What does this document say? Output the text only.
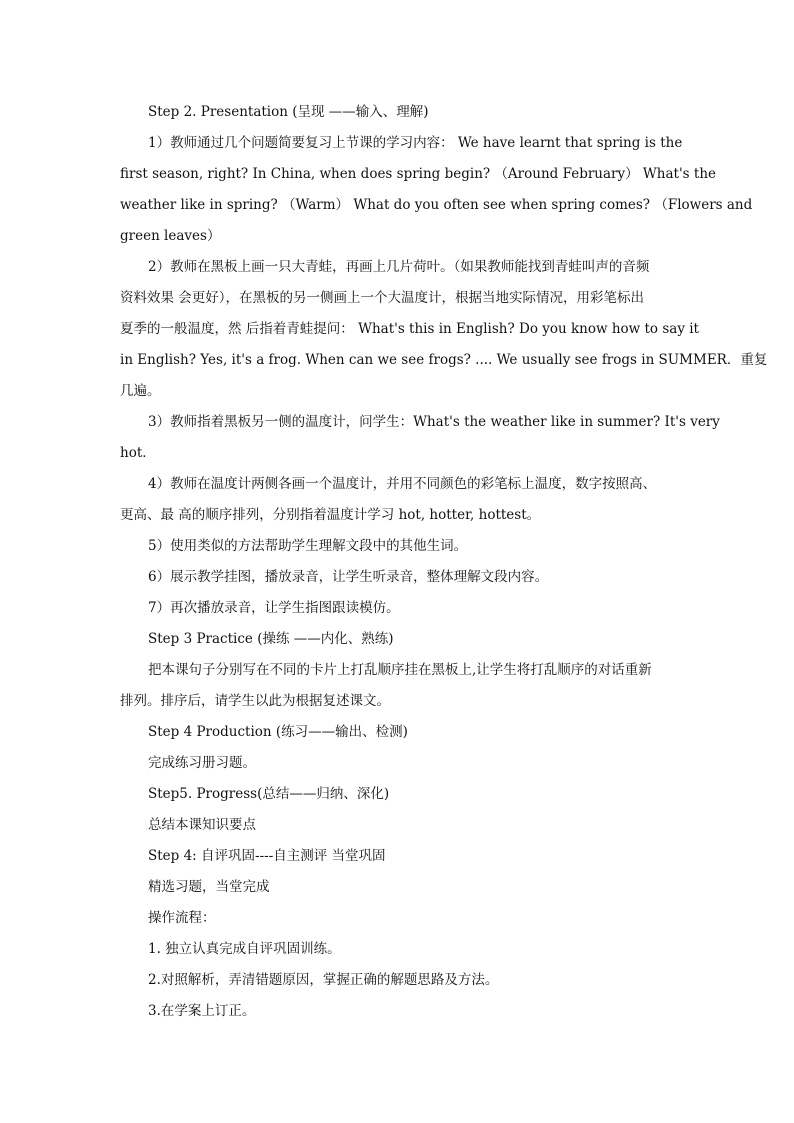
Step 2. Presentation (呈现 ——输入、理解)
1）教师通过几个问题简要复习上节课的学习内容： We have learnt that spring is the
first season, right? In China, when does spring begin? （Around February） What's the
weather like in spring? （Warm） What do you often see when spring comes? （Flowers and
green leaves）
2）教师在黑板上画一只大青蛙，再画上几片荷叶。（如果教师能找到青蛙叫声的音频
资料效果 会更好），在黑板的另一侧画上一个大温度计，根据当地实际情况，用彩笔标出
夏季的一般温度，然 后指着青蛙提问： What's this in English? Do you know how to say it
in English? Yes, it's a frog. When can we see frogs? .... We usually see frogs in SUMMER．重复
几遍。
3）教师指着黑板另一侧的温度计，问学生：What's the weather like in summer? It's very
hot．
4）教师在温度计两侧各画一个温度计，并用不同颜色的彩笔标上温度，数字按照高、
更高、最 高的顺序排列，分别指着温度计学习 hot, hotter, hottest。
5）使用类似的方法帮助学生理解文段中的其他生词。
6）展示教学挂图，播放录音，让学生听录音，整体理解文段内容。
7）再次播放录音，让学生指图跟读模仿。
Step 3 Practice (操练 ——内化、熟练)
把本课句子分别写在不同的卡片上打乱顺序挂在黑板上,让学生将打乱顺序的对话重新
排列。排序后，请学生以此为根据复述课文。
Step 4 Production (练习——输出、检测)
完成练习册习题。
Step5. Progress(总结——归纳、深化)
总结本课知识要点
Step 4: 自评巩固----自主测评 当堂巩固
精选习题，当堂完成
操作流程：
1. 独立认真完成自评巩固训练。
2.对照解析，弄清错题原因，掌握正确的解题思路及方法。
3.在学案上订正。
